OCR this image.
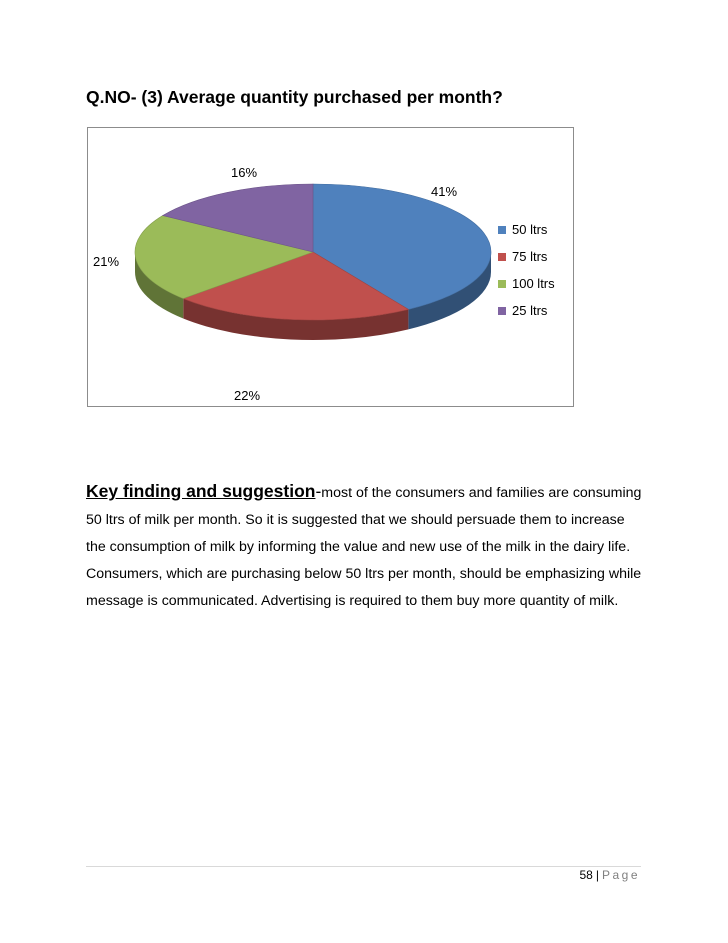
Q.NO- (3) Average quantity purchased per month?
41%
22%
21%
16%
50 ltrs
75 ltrs
100 ltrs
25 ltrs
Key finding and suggestion-most of the consumers and families are consuming 50 ltrs of milk per month. So it is suggested that we should persuade them to increase the consumption of milk by informing the value and new use of the milk in the dairy life. Consumers, which are purchasing below 50 ltrs per month, should be emphasizing while message is communicated. Advertising is required to them buy more quantity of milk.
58 | Page
